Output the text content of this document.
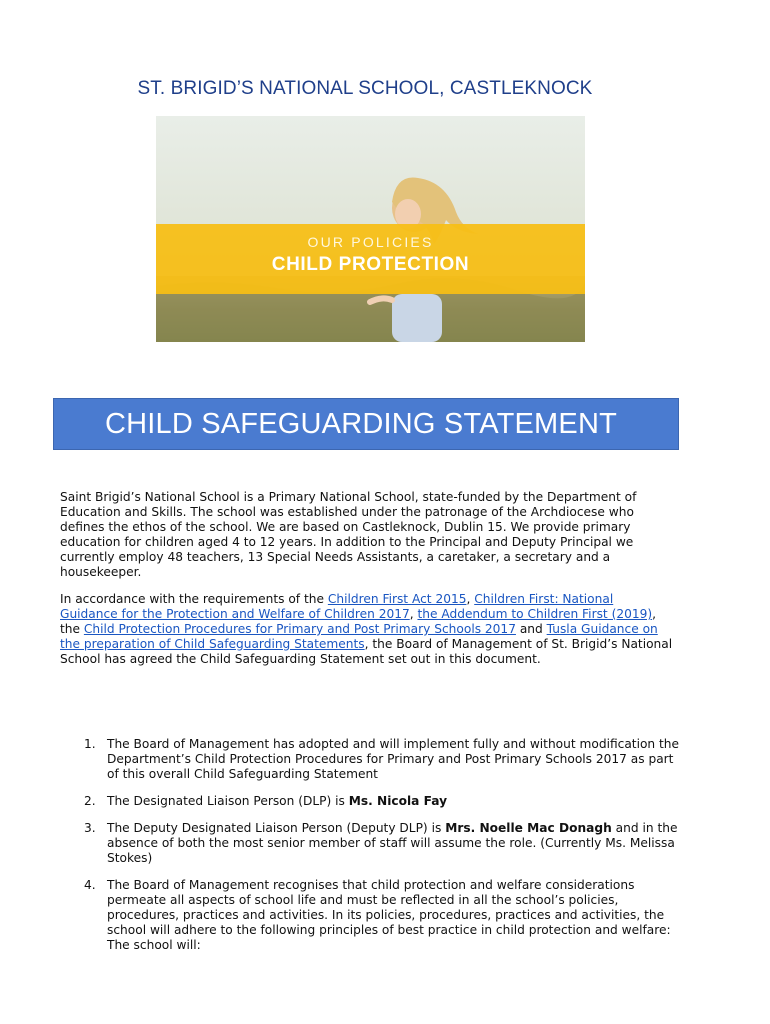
ST. BRIGID’S NATIONAL SCHOOL, CASTLEKNOCK
OUR POLICIES
CHILD PROTECTION
CHILD SAFEGUARDING STATEMENT

Saint Brigid’s National School is a Primary National School, state-funded by the Department of Education and Skills. The school was established under the patronage of the Archdiocese who defines the ethos of the school. We are based on Castleknock, Dublin 15. We provide primary education for children aged 4 to 12 years. In addition to the Principal and Deputy Principal we currently employ 48 teachers, 13 Special Needs Assistants, a caretaker, a secretary and a housekeeper.

In accordance with the requirements of the Children First Act 2015, Children First: National Guidance for the Protection and Welfare of Children 2017, the Addendum to Children First (2019), the Child Protection Procedures for Primary and Post Primary Schools 2017 and Tusla Guidance on the preparation of Child Safeguarding Statements, the Board of Management of St. Brigid’s National School has agreed the Child Safeguarding Statement set out in this document.

1. The Board of Management has adopted and will implement fully and without modification the Department’s Child Protection Procedures for Primary and Post Primary Schools 2017 as part of this overall Child Safeguarding Statement
2. The Designated Liaison Person (DLP) is Ms. Nicola Fay
3. The Deputy Designated Liaison Person (Deputy DLP) is Mrs. Noelle Mac Donagh and in the absence of both the most senior member of staff will assume the role. (Currently Ms. Melissa Stokes)
4. The Board of Management recognises that child protection and welfare considerations permeate all aspects of school life and must be reflected in all the school’s policies, procedures, practices and activities. In its policies, procedures, practices and activities, the school will adhere to the following principles of best practice in child protection and welfare: The school will:
